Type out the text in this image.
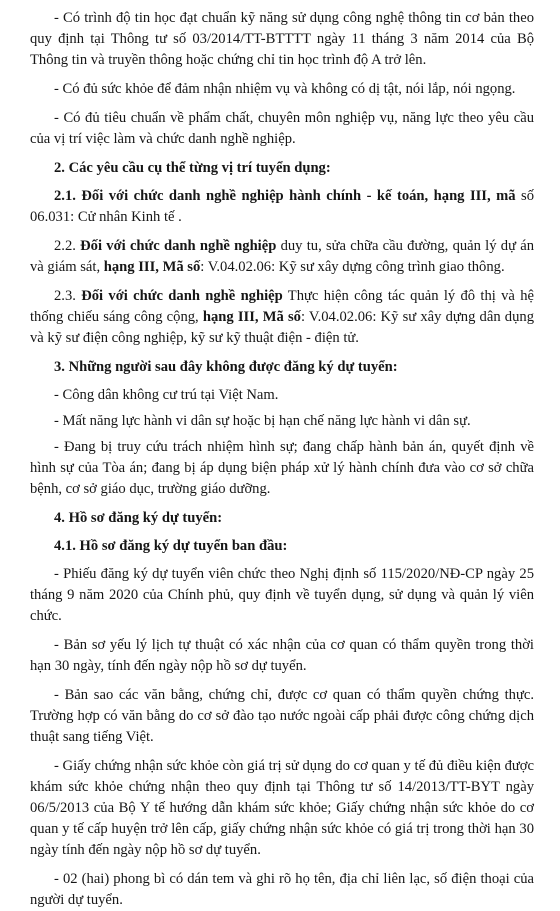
- Có trình độ tin học đạt chuẩn kỹ năng sử dụng công nghệ thông tin cơ bản theo quy định tại Thông tư số 03/2014/TT-BTTTT ngày 11 tháng 3 năm 2014 của Bộ Thông tin và truyền thông hoặc chứng chỉ tin học trình độ A trở lên.

- Có đủ sức khỏe để đảm nhận nhiệm vụ và không có dị tật, nói lắp, nói ngọng.

- Có đủ tiêu chuẩn về phẩm chất, chuyên môn nghiệp vụ, năng lực theo yêu cầu của vị trí việc làm và chức danh nghề nghiệp.

2. Các yêu cầu cụ thể từng vị trí tuyển dụng:

2.1. Đối với chức danh nghề nghiệp hành chính - kế toán, hạng III, mã số 06.031: Cử nhân Kinh tế .

2.2. Đối với chức danh nghề nghiệp duy tu, sửa chữa cầu đường, quản lý dự án và giám sát, hạng III, Mã số: V.04.02.06: Kỹ sư xây dựng công trình giao thông.

2.3. Đối với chức danh nghề nghiệp Thực hiện công tác quản lý đô thị và hệ thống chiếu sáng công cộng, hạng III, Mã số: V.04.02.06: Kỹ sư xây dựng dân dụng và kỹ sư điện công nghiệp, kỹ sư kỹ thuật điện - điện tử.

3. Những người sau đây không được đăng ký dự tuyển:

- Công dân không cư trú tại Việt Nam.

- Mất năng lực hành vi dân sự hoặc bị hạn chế năng lực hành vi dân sự.

- Đang bị truy cứu trách nhiệm hình sự; đang chấp hành bản án, quyết định về hình sự của Tòa án; đang bị áp dụng biện pháp xử lý hành chính đưa vào cơ sở chữa bệnh, cơ sở giáo dục, trường giáo dưỡng.

4. Hồ sơ đăng ký dự tuyển:
4.1. Hồ sơ đăng ký dự tuyển ban đầu:

- Phiếu đăng ký dự tuyển viên chức theo Nghị định số 115/2020/NĐ-CP ngày 25 tháng 9 năm 2020 của Chính phủ, quy định về tuyển dụng, sử dụng và quản lý viên chức.

- Bản sơ yếu lý lịch tự thuật có xác nhận của cơ quan có thẩm quyền trong thời hạn 30 ngày, tính đến ngày nộp hồ sơ dự tuyển.

- Bản sao các văn bằng, chứng chỉ, được cơ quan có thẩm quyền chứng thực. Trường hợp có văn bằng do cơ sở đào tạo nước ngoài cấp phải được công chứng dịch thuật sang tiếng Việt.

- Giấy chứng nhận sức khỏe còn giá trị sử dụng do cơ quan y tế đủ điều kiện được khám sức khỏe chứng nhận theo quy định tại Thông tư số 14/2013/TT-BYT ngày 06/5/2013 của Bộ Y tế hướng dẫn khám sức khỏe; Giấy chứng nhận sức khỏe do cơ quan y tế cấp huyện trở lên cấp, giấy chứng nhận sức khỏe có giá trị trong thời hạn 30 ngày tính đến ngày nộp hồ sơ dự tuyển.

- 02 (hai) phong bì có dán tem và ghi rõ họ tên, địa chỉ liên lạc, số điện thoại của người dự tuyển.
